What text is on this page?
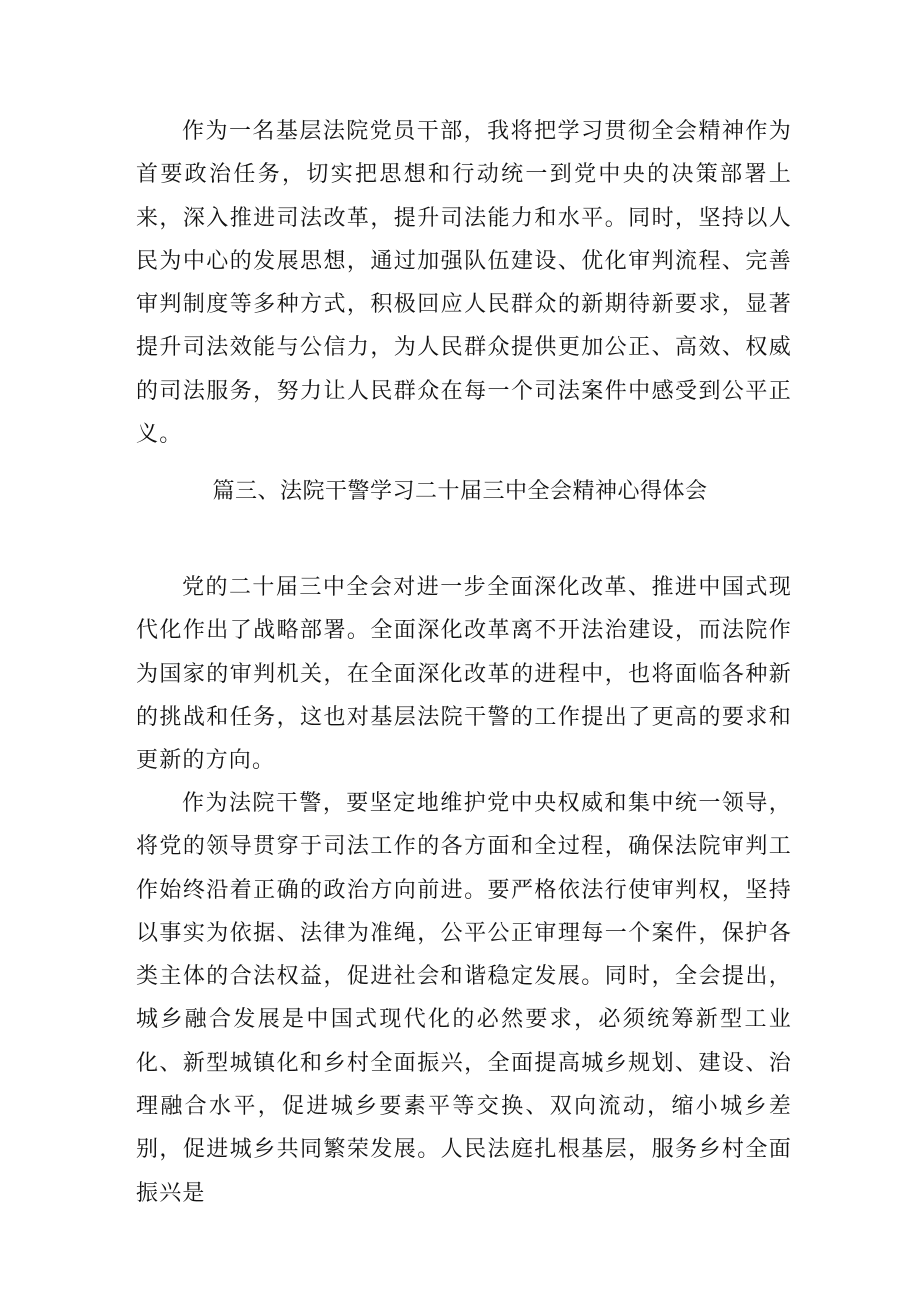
作为一名基层法院党员干部，我将把学习贯彻全会精神作为首要政治任务，切实把思想和行动统一到党中央的决策部署上来，深入推进司法改革，提升司法能力和水平。同时，坚持以人民为中心的发展思想，通过加强队伍建设、优化审判流程、完善审判制度等多种方式，积极回应人民群众的新期待新要求，显著提升司法效能与公信力，为人民群众提供更加公正、高效、权威的司法服务，努力让人民群众在每一个司法案件中感受到公平正义。

篇三、法院干警学习二十届三中全会精神心得体会

党的二十届三中全会对进一步全面深化改革、推进中国式现代化作出了战略部署。全面深化改革离不开法治建设，而法院作为国家的审判机关，在全面深化改革的进程中，也将面临各种新的挑战和任务，这也对基层法院干警的工作提出了更高的要求和更新的方向。

作为法院干警，要坚定地维护党中央权威和集中统一领导，将党的领导贯穿于司法工作的各方面和全过程，确保法院审判工作始终沿着正确的政治方向前进。要严格依法行使审判权，坚持以事实为依据、法律为准绳，公平公正审理每一个案件，保护各类主体的合法权益，促进社会和谐稳定发展。同时，全会提出，城乡融合发展是中国式现代化的必然要求，必须统筹新型工业化、新型城镇化和乡村全面振兴，全面提高城乡规划、建设、治理融合水平，促进城乡要素平等交换、双向流动，缩小城乡差别，促进城乡共同繁荣发展。人民法庭扎根基层，服务乡村全面振兴是
